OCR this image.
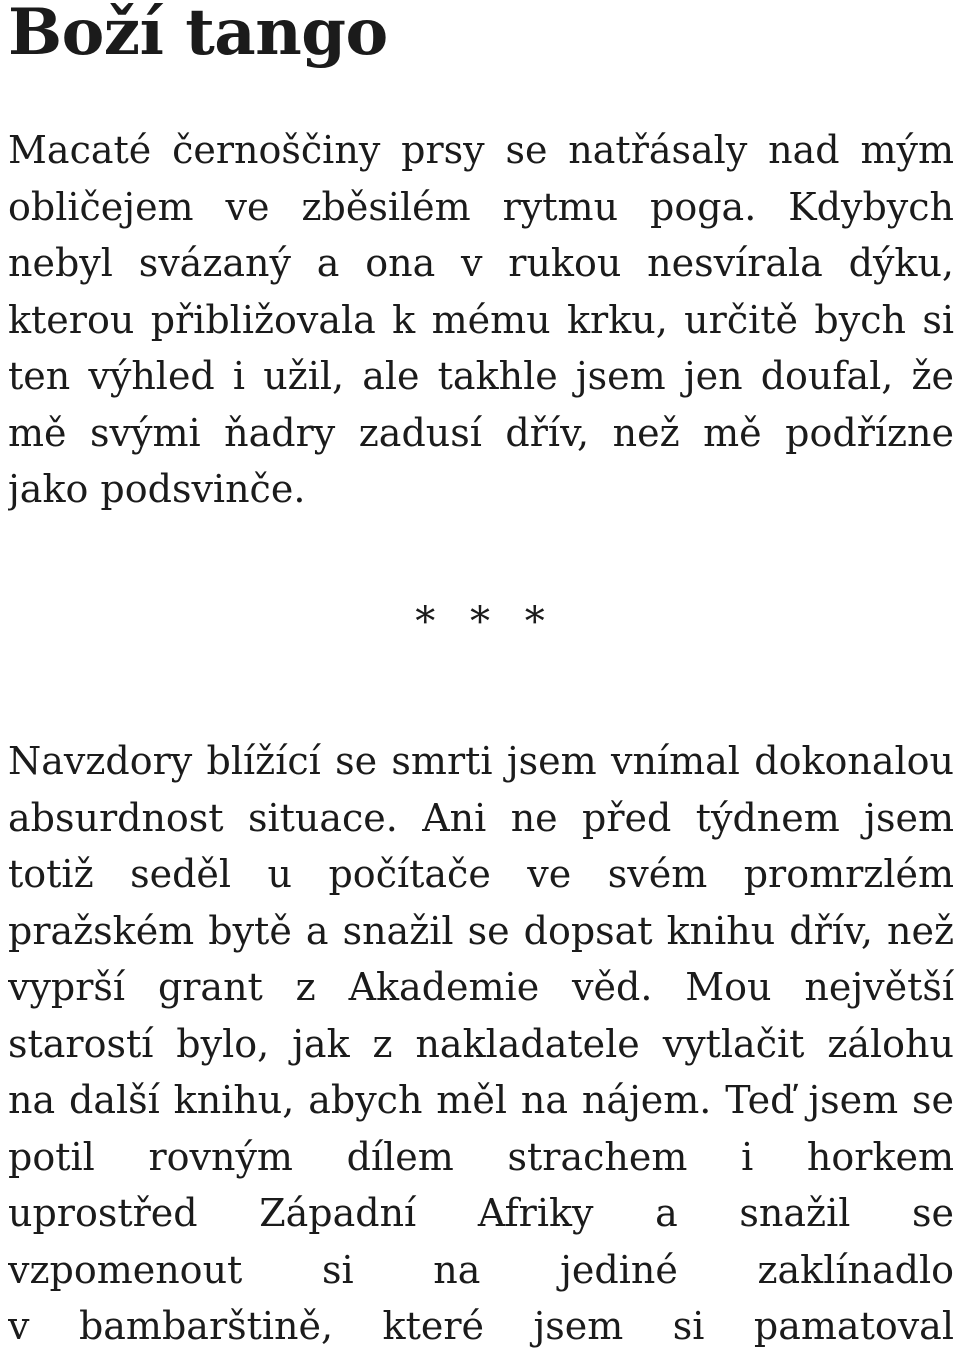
Boží tango
Macaté černoščiny prsy se natřásaly nad mým
obličejem ve zběsilém rytmu poga. Kdybych
nebyl svázaný a ona v rukou nesvírala dýku,
kterou přibližovala k mému krku, určitě bych si
ten výhled i užil, ale takhle jsem jen doufal, že
mě svými ňadry zadusí dřív, než mě podřízne
jako podsvinče.
* * *
Navzdory blížící se smrti jsem vnímal dokonalou
absurdnost situace. Ani ne před týdnem jsem
totiž seděl u počítače ve svém promrzlém
pražském bytě a snažil se dopsat knihu dřív, než
vyprší grant z Akademie věd. Mou největší
starostí bylo, jak z nakladatele vytlačit zálohu
na další knihu, abych měl na nájem. Teď jsem se
potil rovným dílem strachem i horkem
uprostřed Západní Afriky a snažil se
vzpomenout si na jediné zaklínadlo
v bambarštině, které jsem si pamatoval
